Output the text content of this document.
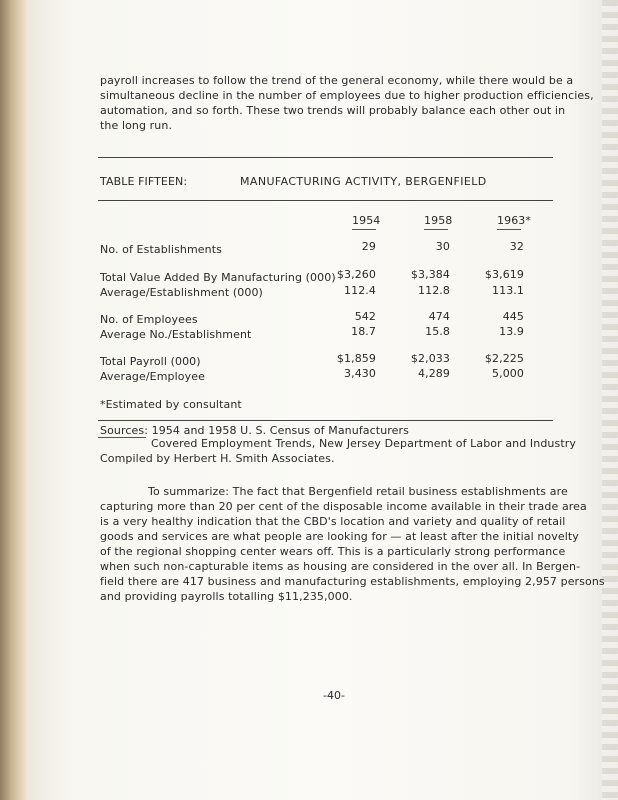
payroll increases to follow the trend of the general economy, while there would be a
simultaneous decline in the number of employees due to higher production efficiencies,
automation, and so forth. These two trends will probably balance each other out in
the long run.
TABLE FIFTEEN:	MANUFACTURING ACTIVITY, BERGENFIELD
1954	1958	1963*
No. of Establishments	29	30	32
Total Value Added By Manufacturing (000) $3,260	$3,384	$3,619
Average/Establishment (000)	112.4	112.8	113.1
No. of Employees	542	474	445
Average No./Establishment	18.7	15.8	13.9
Total Payroll (000)	$1,859	$2,033	$2,225
Average/Employee	3,430	4,289	5,000
*Estimated by consultant
Sources: 1954 and 1958 U. S. Census of Manufacturers
Covered Employment Trends, New Jersey Department of Labor and Industry
Compiled by Herbert H. Smith Associates.
To summarize: The fact that Bergenfield retail business establishments are
capturing more than 20 per cent of the disposable income available in their trade area
is a very healthy indication that the CBD's location and variety and quality of retail
goods and services are what people are looking for — at least after the initial novelty
of the regional shopping center wears off. This is a particularly strong performance
when such non-capturable items as housing are considered in the over all. In Bergen-
field there are 417 business and manufacturing establishments, employing 2,957 persons
and providing payrolls totalling $11,235,000.
-40-
